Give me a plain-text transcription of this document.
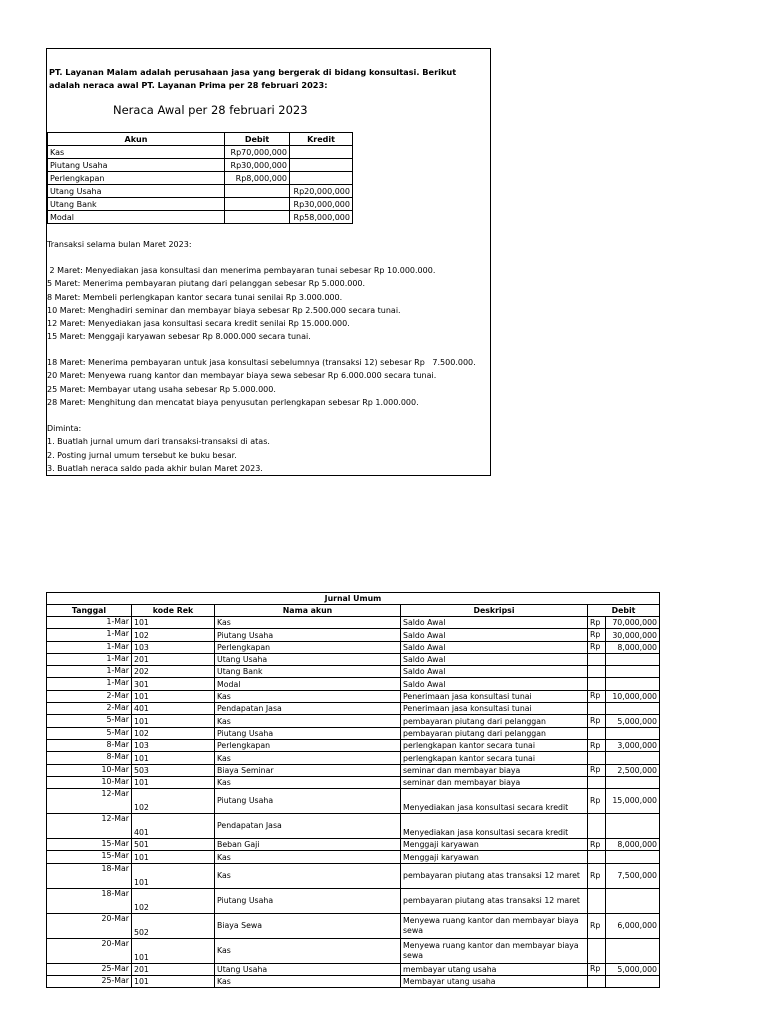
PT. Layanan Malam adalah perusahaan jasa yang bergerak di bidang konsultasi. Berikut adalah neraca awal PT. Layanan Prima per 28 februari 2023:
Neraca Awal per 28 februari 2023
Akun	Debit	Kredit
Kas	Rp70,000,000	
Piutang Usaha	Rp30,000,000	
Perlengkapan	Rp8,000,000	
Utang Usaha		Rp20,000,000
Utang Bank		Rp30,000,000
Modal		Rp58,000,000
Transaksi selama bulan Maret 2023:
2 Maret: Menyediakan jasa konsultasi dan menerima pembayaran tunai sebesar Rp 10.000.000.
5 Maret: Menerima pembayaran piutang dari pelanggan sebesar Rp 5.000.000.
8 Maret: Membeli perlengkapan kantor secara tunai senilai Rp 3.000.000.
10 Maret: Menghadiri seminar dan membayar biaya sebesar Rp 2.500.000 secara tunai.
12 Maret: Menyediakan jasa konsultasi secara kredit senilai Rp 15.000.000.
15 Maret: Menggaji karyawan sebesar Rp 8.000.000 secara tunai.
18 Maret: Menerima pembayaran untuk jasa konsultasi sebelumnya (transaksi 12) sebesar Rp   7.500.000.
20 Maret: Menyewa ruang kantor dan membayar biaya sewa sebesar Rp 6.000.000 secara tunai.
25 Maret: Membayar utang usaha sebesar Rp 5.000.000.
28 Maret: Menghitung dan mencatat biaya penyusutan perlengkapan sebesar Rp 1.000.000.
Diminta:
1. Buatlah jurnal umum dari transaksi-transaksi di atas.
2. Posting jurnal umum tersebut ke buku besar.
3. Buatlah neraca saldo pada akhir bulan Maret 2023.
Jurnal Umum					
Tanggal	kode Rek	Nama akun	Deskripsi	Debit	
1-Mar	101	Kas	Saldo Awal	Rp	70,000,000
1-Mar	102	Piutang Usaha	Saldo Awal	Rp	30,000,000
1-Mar	103	Perlengkapan	Saldo Awal	Rp	8,000,000
1-Mar	201	Utang Usaha	Saldo Awal		
1-Mar	202	Utang Bank	Saldo Awal		
1-Mar	301	Modal	Saldo Awal		
2-Mar	101	Kas	Penerimaan jasa konsultasi tunai	Rp	10,000,000
2-Mar	401	Pendapatan Jasa	Penerimaan jasa konsultasi tunai		
5-Mar	101	Kas	pembayaran piutang dari pelanggan	Rp	5,000,000
5-Mar	102	Piutang Usaha	pembayaran piutang dari pelanggan		
8-Mar	103	Perlengkapan	perlengkapan kantor secara tunai	Rp	3,000,000
8-Mar	101	Kas	perlengkapan kantor secara tunai		
10-Mar	503	Biaya Seminar	seminar dan membayar biaya	Rp	2,500,000
10-Mar	101	Kas	seminar dan membayar biaya		
12-Mar	102	Piutang Usaha	Menyediakan jasa konsultasi secara kredit	Rp	15,000,000
12-Mar	401	Pendapatan Jasa	Menyediakan jasa konsultasi secara kredit		
15-Mar	501	Beban Gaji	Menggaji karyawan	Rp	8,000,000
15-Mar	101	Kas	Menggaji karyawan		
18-Mar	101	Kas	pembayaran piutang atas transaksi 12 maret	Rp	7,500,000
18-Mar	102	Piutang Usaha	pembayaran piutang atas transaksi 12 maret		
20-Mar	502	Biaya Sewa	Menyewa ruang kantor dan membayar biaya sewa	Rp	6,000,000
20-Mar	101	Kas	Menyewa ruang kantor dan membayar biaya sewa		
25-Mar	201	Utang Usaha	membayar utang usaha	Rp	5,000,000
25-Mar	101	Kas	Membayar utang usaha		
